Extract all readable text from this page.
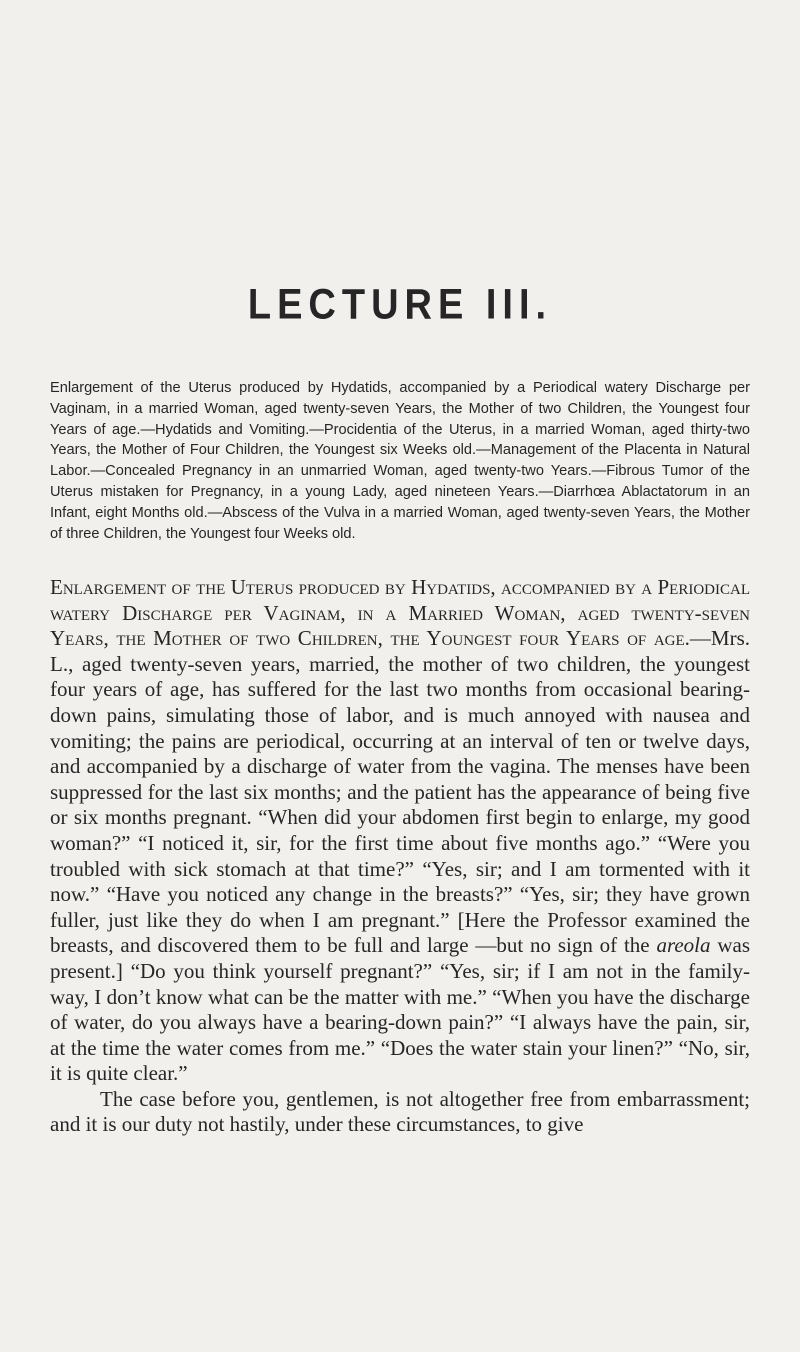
LECTURE III.
Enlargement of the Uterus produced by Hydatids, accompanied by a Periodical watery Discharge per Vaginam, in a married Woman, aged twenty-seven Years, the Mother of two Children, the Youngest four Years of age.—Hydatids and Vomiting.—Procidentia of the Uterus, in a married Woman, aged thirty-two Years, the Mother of Four Children, the Youngest six Weeks old.—Management of the Placenta in Natural Labor.—Concealed Pregnancy in an unmarried Woman, aged twenty-two Years.—Fibrous Tumor of the Uterus mistaken for Pregnancy, in a young Lady, aged nineteen Years.—Diarrhœa Ablactatorum in an Infant, eight Months old.—Abscess of the Vulva in a married Woman, aged twenty-seven Years, the Mother of three Children, the Youngest four Weeks old.

Enlargement of the Uterus produced by Hydatids, accompanied by a Periodical watery Discharge per Vaginam, in a Married Woman, aged twenty-seven Years, the Mother of two Children, the Youngest four Years of age.—Mrs. L., aged twenty-seven years, married, the mother of two children, the youngest four years of age, has suffered for the last two months from occasional bearing-down pains, simulating those of labor, and is much annoyed with nausea and vomiting; the pains are periodical, occurring at an interval of ten or twelve days, and accompanied by a discharge of water from the vagina. The menses have been suppressed for the last six months; and the patient has the appearance of being five or six months pregnant. “When did your abdomen first begin to enlarge, my good woman?” “I noticed it, sir, for the first time about five months ago.” “Were you troubled with sick stomach at that time?” “Yes, sir; and I am tormented with it now.” “Have you noticed any change in the breasts?” “Yes, sir; they have grown fuller, just like they do when I am pregnant.” [Here the Professor examined the breasts, and discovered them to be full and large —but no sign of the areola was present.] “Do you think yourself pregnant?” “Yes, sir; if I am not in the family-way, I don’t know what can be the matter with me.” “When you have the discharge of water, do you always have a bearing-down pain?” “I always have the pain, sir, at the time the water comes from me.” “Does the water stain your linen?” “No, sir, it is quite clear.”

The case before you, gentlemen, is not altogether free from embarrassment; and it is our duty not hastily, under these circumstances, to give
